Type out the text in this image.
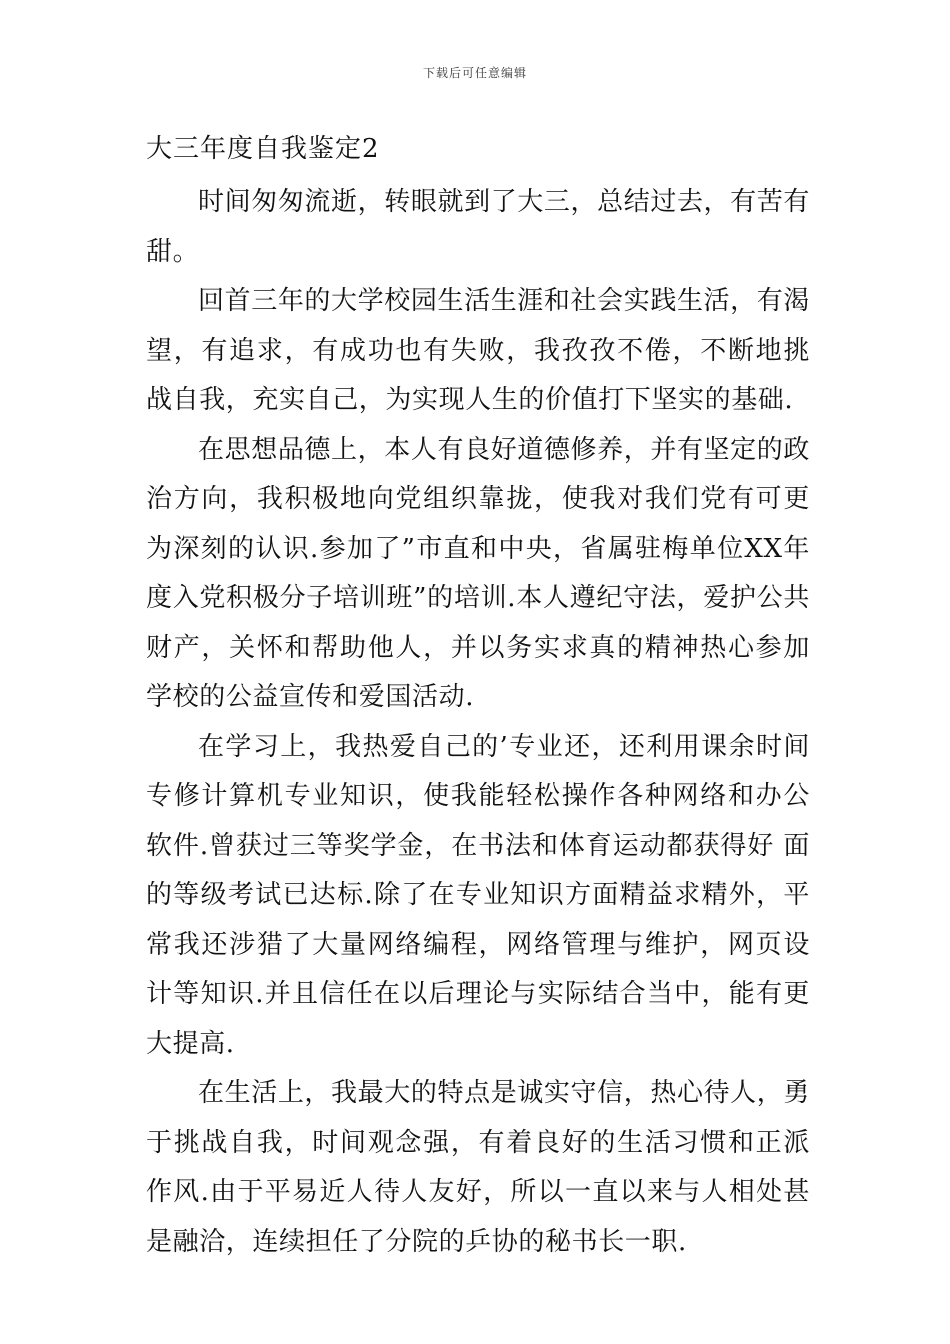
下载后可任意编辑
大三年度自我鉴定2

时间匆匆流逝，转眼就到了大三，总结过去，有苦有甜。

回首三年的大学校园生活生涯和社会实践生活，有渴望，有追求，有成功也有失败，我孜孜不倦，不断地挑战自我，充实自己，为实现人生的价值打下坚实的基础.

在思想品德上，本人有良好道德修养，并有坚定的政治方向，我积极地向党组织靠拢，使我对我们党有可更为深刻的认识.参加了”市直和中央，省属驻梅单位XX年度入党积极分子培训班”的培训.本人遵纪守法，爱护公共财产，关怀和帮助他人，并以务实求真的精神热心参加学校的公益宣传和爱国活动.

在学习上，我热爱自己的’专业还，还利用课余时间专修计算机专业知识，使我能轻松操作各种网络和办公软件.曾获过三等奖学金，在书法和体育运动都获得好 面的等级考试已达标.除了在专业知识方面精益求精外，平常我还涉猎了大量网络编程，网络管理与维护，网页设计等知识.并且信任在以后理论与实际结合当中，能有更大提高.

在生活上，我最大的特点是诚实守信，热心待人，勇于挑战自我，时间观念强，有着良好的生活习惯和正派作风.由于平易近人待人友好，所以一直以来与人相处甚是融洽，连续担任了分院的乒协的秘书长一职.
